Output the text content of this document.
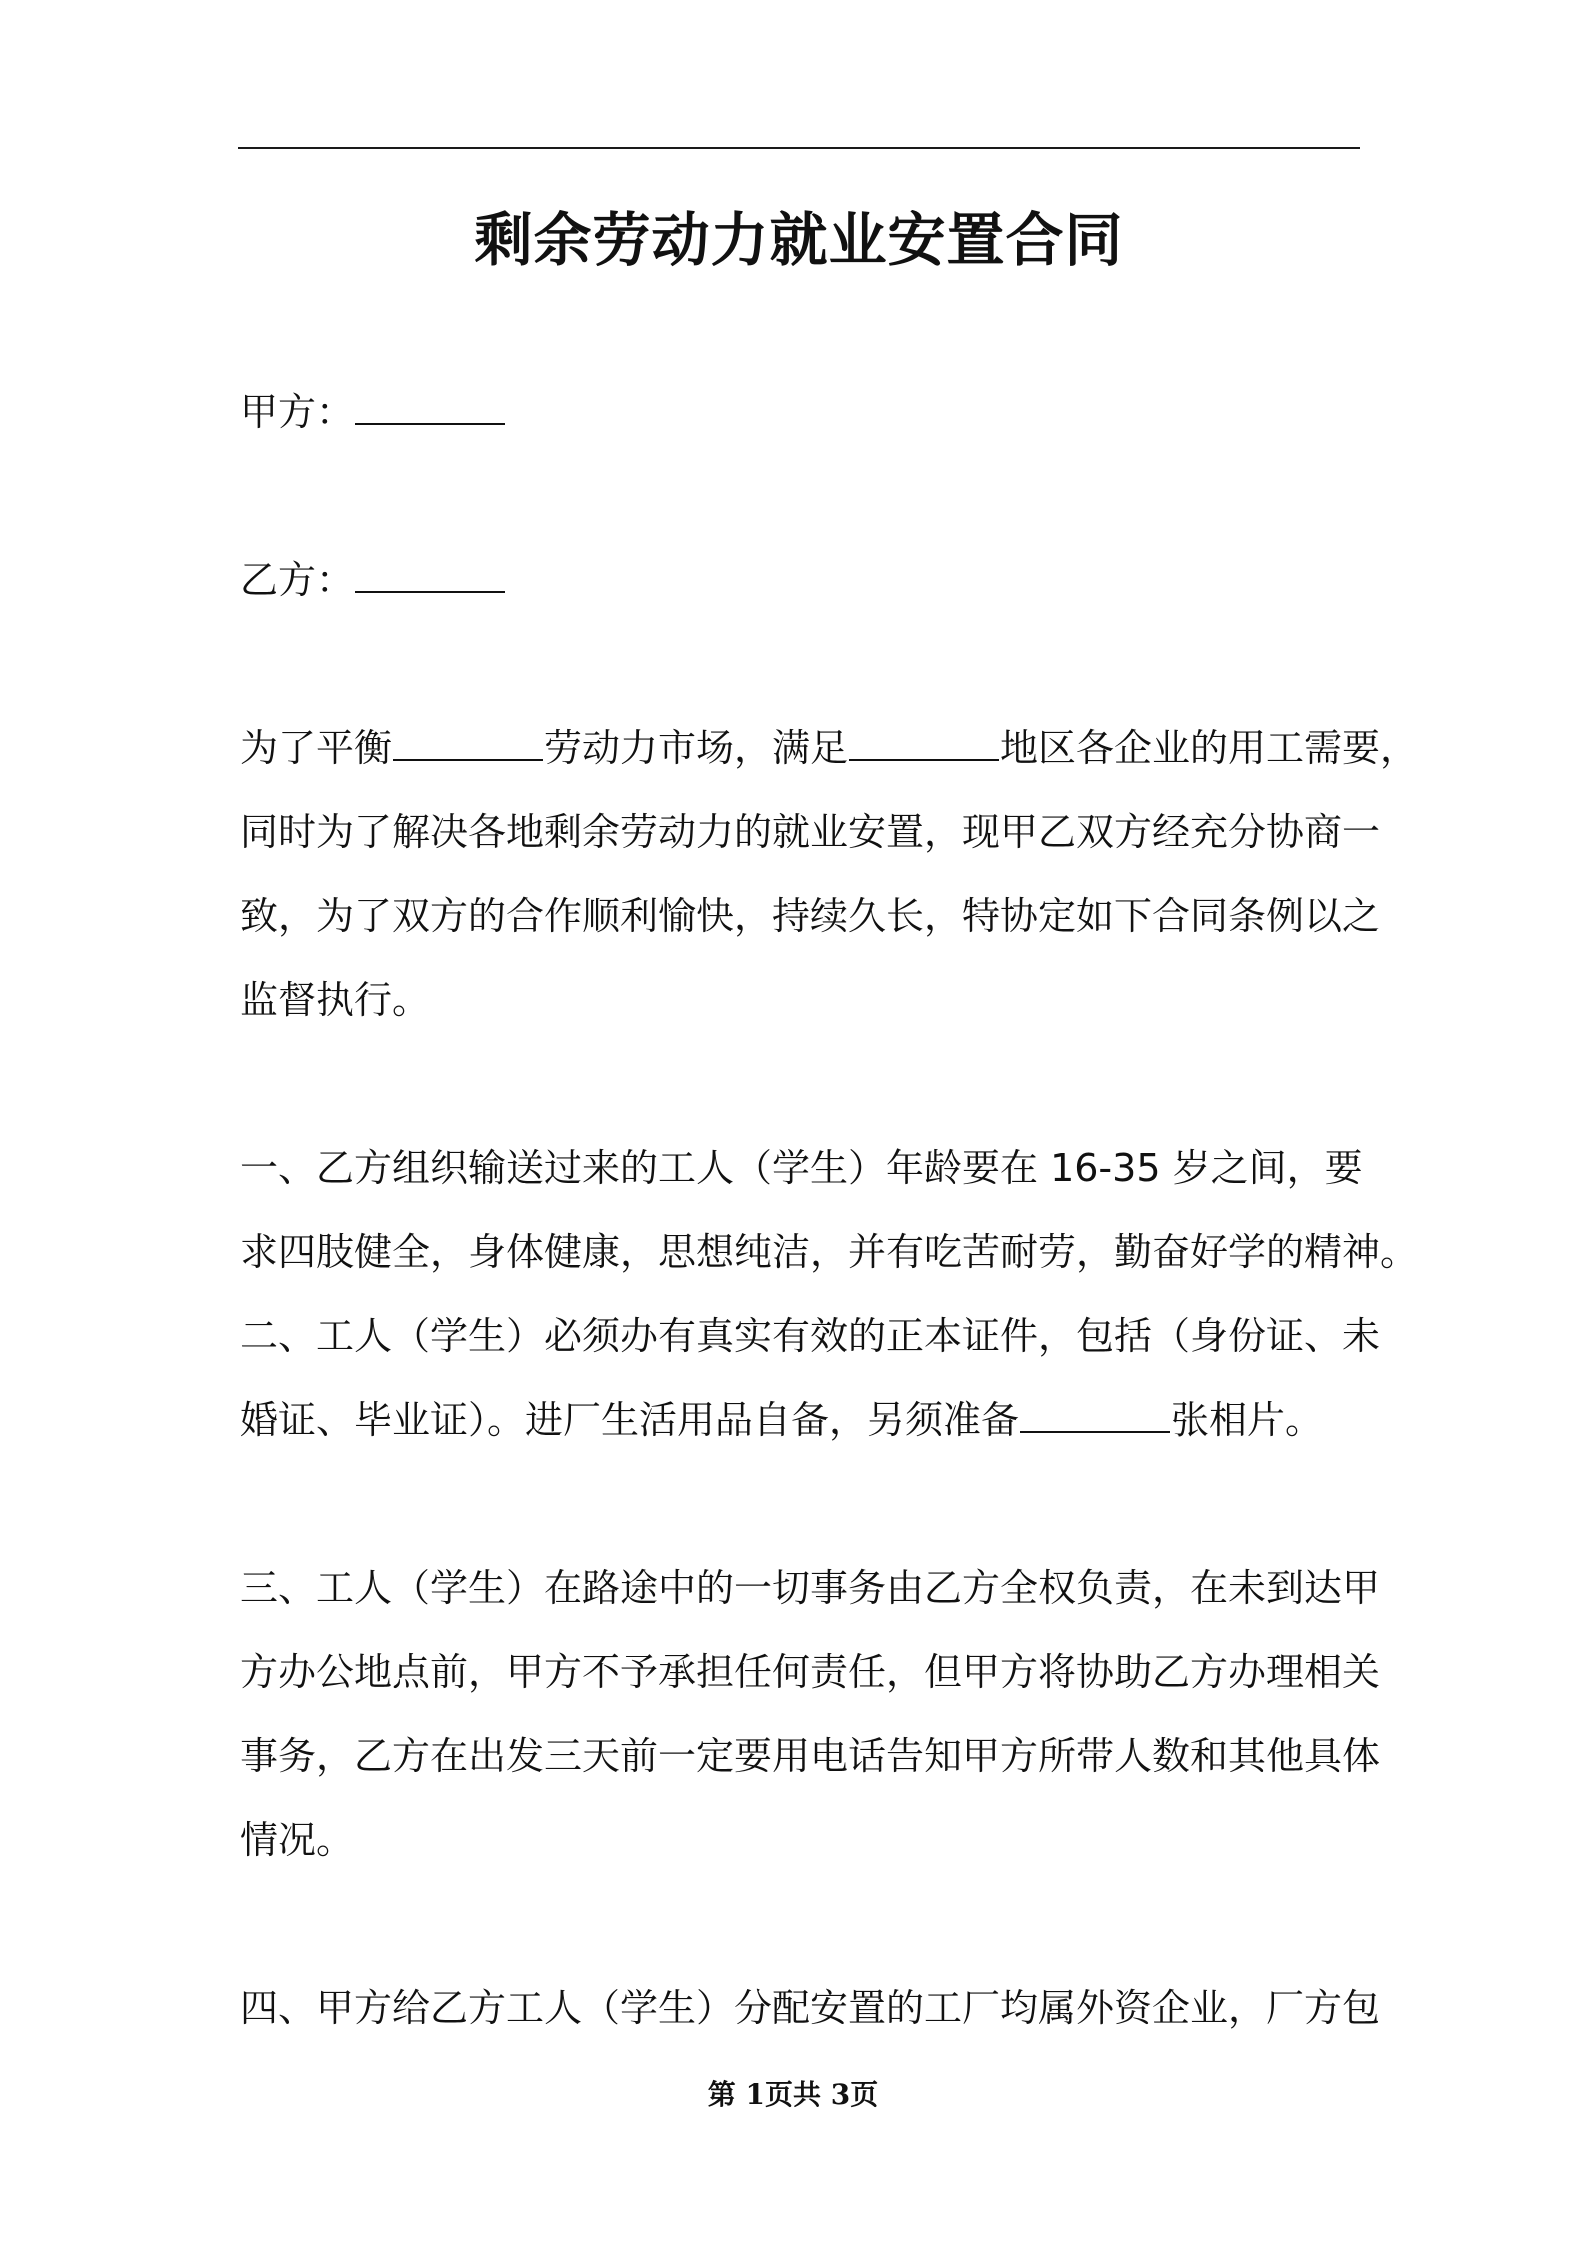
剩余劳动力就业安置合同
甲方：
乙方：
为了平衡	劳动力市场，满足	地区各企业的用工需要，
同时为了解决各地剩余劳动力的就业安置，现甲乙双方经充分协商一
致，为了双方的合作顺利愉快，持续久长，特协定如下合同条例以之
监督执行。
一、乙方组织输送过来的工人（学生）年龄要在 16-35 岁之间，要
求四肢健全，身体健康，思想纯洁，并有吃苦耐劳，勤奋好学的精神。
二、工人（学生）必须办有真实有效的正本证件，包括（身份证、未
婚证、毕业证）。进厂生活用品自备，另须准备	张相片。
三、工人（学生）在路途中的一切事务由乙方全权负责，在未到达甲
方办公地点前，甲方不予承担任何责任，但甲方将协助乙方办理相关
事务，乙方在出发三天前一定要用电话告知甲方所带人数和其他具体
情况。
四、甲方给乙方工人（学生）分配安置的工厂均属外资企业，厂方包
第 1页共 3页
